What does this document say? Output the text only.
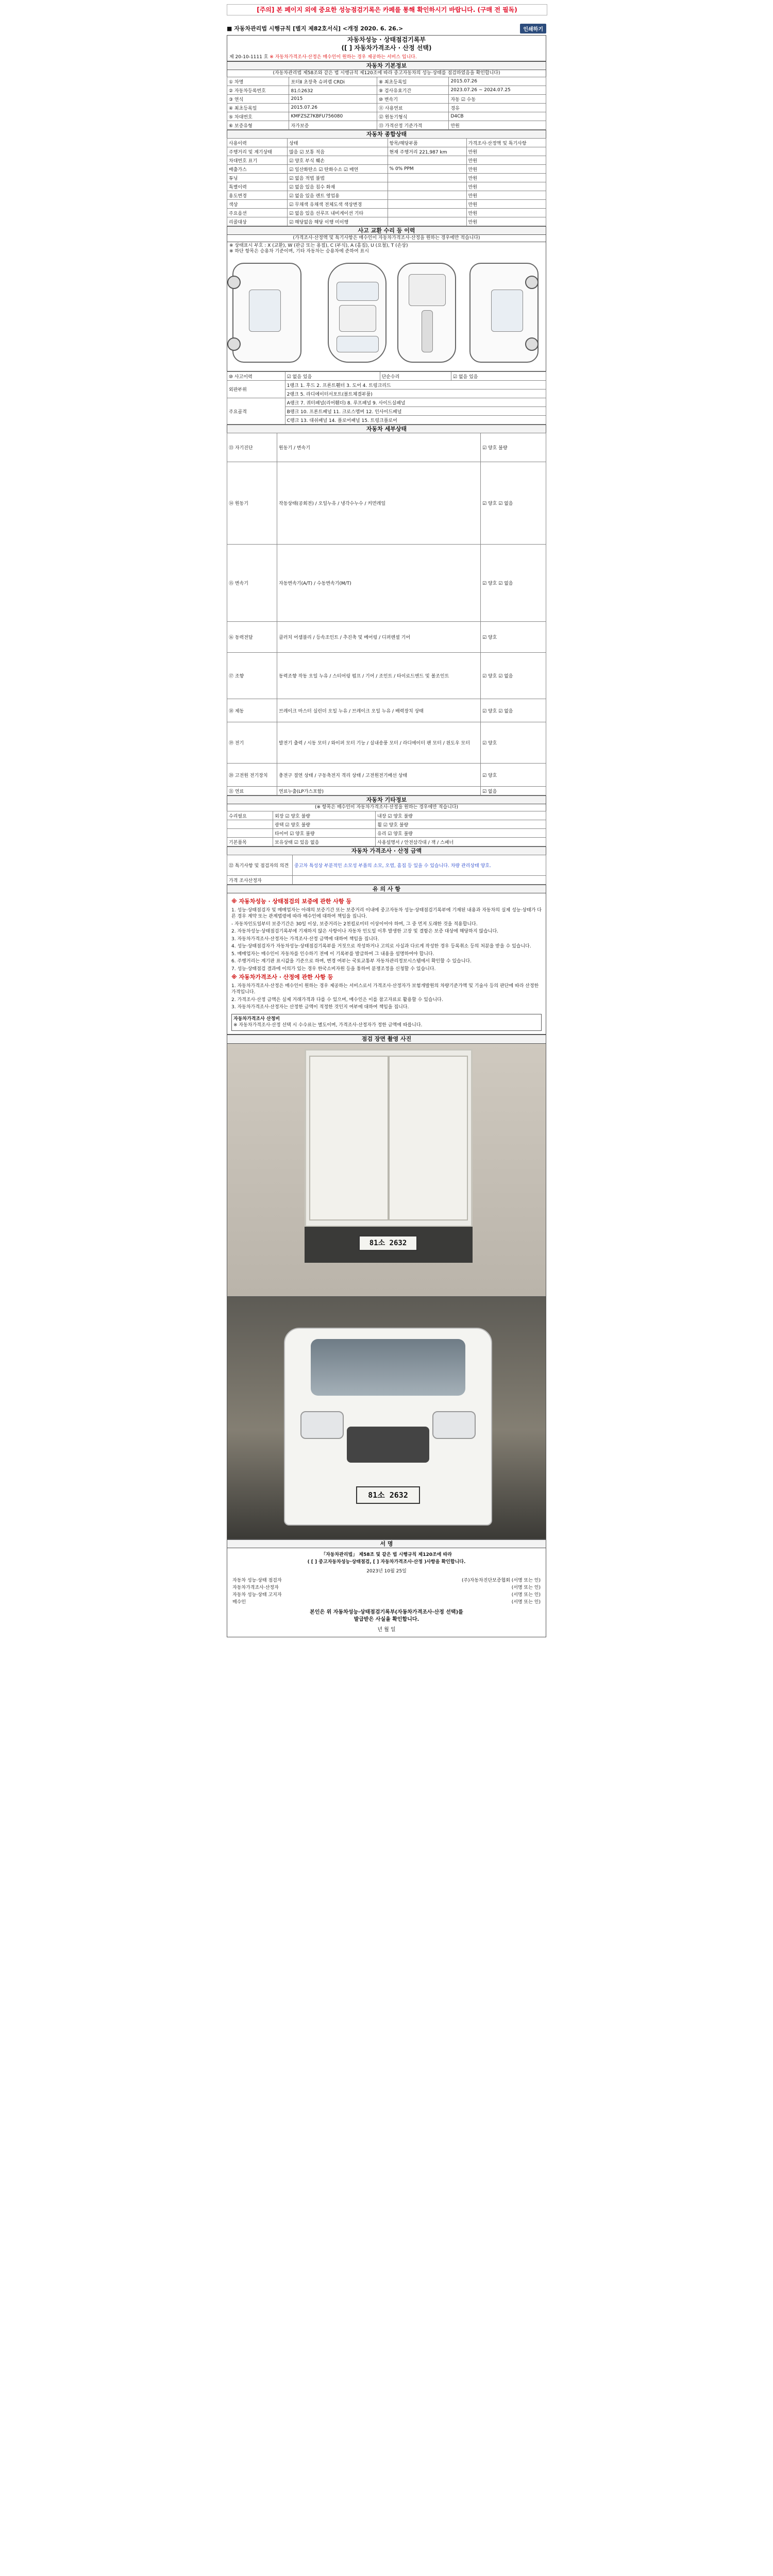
[주의] 본 페이지 외에 중요한 성능점검기록은 카페를 통해 확인하시기 바랍니다. (구매 전 필독)
■ 자동차관리법 시행규칙 [별지 제82호서식] <개정 2020. 6. 26.>	인쇄하기
자동차성능 · 상태점검기록부
([ ] 자동차가격조사 · 산정 선택)
제 20-10-1111 호 ※ 자동차가격조사·산정은 매수인이 원하는 경우 제공하는 서비스 입니다.
자동차 기본정보
(자동차관리법 제58조와 같은 법 시행규칙 제120조에 따라 중고자동차의 성능·상태를 점검하였음을 확인합니다)
① 차명	포터Ⅱ 초장축 슈퍼캡 CRDi	⑧ 최초등록일	2015.07.26
② 자동차등록번호	81소2632	⑨ 검사유효기간	2023.07.26 ~ 2024.07.25
③ 연식	2015	⑩ 변속기	자동 ☑ 수동
④ 최초등록일	2015.07.26	⑪ 사용연료	경유
⑤ 차대번호	KMFZSZ7KBFU756080	⑫ 원동기형식	D4CB
⑥ 보증유형	자가보증	⑬ 가격산정 기준가격	만원
자동차 종합상태
사용이력	상태	항목/해당부품	가격조사·산정액 및 특기사항
주행거리 및 계기상태	많음 ☑ 보통 적음	현재 주행거리 221,987 km	만원
차대번호 표기	☑ 양호 부식 훼손		만원
배출가스	☑ 일산화탄소 ☑ 탄화수소 ☑ 매연	% 0% PPM	만원
튜닝	☑ 없음 적법 불법		만원
특별이력	☑ 없음 있음 침수 화재		만원
용도변경	☑ 없음 있음 렌트 영업용		만원
색상	☑ 무채색 유채색 전체도색 색상변경		만원
주요옵션	☑ 없음 있음 선루프 내비게이션 기타		만원
리콜대상	☑ 해당없음 해당 이행 미이행		만원
사고 교환 수리 등 이력
(가격조사·산정액 및 특기사항은 매수인이 자동차가격조사·산정을 원하는 경우에만 적습니다)
※ 상태표시 부호 : X (교환), W (판금 또는 용접), C (부식), A (흠집), U (요철), T (손상)
※ 하단 항목은 승용차 기준이며, 기타 자동차는 승용차에 준하여 표시
⑩ 사고이력	☑ 없음 있음	단순수리	☑ 없음 있음
외판부위	1랭크 1. 후드 2. 프론트휀더 3. 도어 4. 트렁크리드		
	2랭크 5. 라디에이터서포트(볼트체결부품)		
주요골격	A랭크 7. 쿼터패널(리어휀더) 8. 루프패널 9. 사이드실패널		
	B랭크 10. 프론트패널 11. 크로스멤버 12. 인사이드패널		
	C랭크 13. 대쉬패널 14. 플로어패널 15. 트렁크플로어		
자동차 세부상태
⑬ 자기진단	원동기 / 변속기	☑ 양호 불량
⑭ 원동기	작동상태(공회전) / 오일누유 / 냉각수누수 / 커먼레일	☑ 양호 ☑ 없음
⑮ 변속기	자동변속기(A/T) / 수동변속기(M/T)	☑ 양호 ☑ 없음
⑯ 동력전달	클러치 어셈블리 / 등속조인트 / 추진축 및 베어링 / 디퍼렌셜 기어	☑ 양호
⑰ 조향	동력조향 작동 오일 누유 / 스티어링 펌프 / 기어 / 조인트 / 타이로드엔드 및 볼조인트	☑ 양호 ☑ 없음
⑱ 제동	브레이크 마스터 실린더 오일 누유 / 브레이크 오일 누유 / 배력장치 상태	☑ 양호 ☑ 없음
⑲ 전기	발전기 출력 / 시동 모터 / 와이퍼 모터 기능 / 실내송풍 모터 / 라디에이터 팬 모터 / 윈도우 모터	☑ 양호
⑳ 고전원 전기장치	충전구 절연 상태 / 구동축전지 격리 상태 / 고전원전기배선 상태	☑ 양호
㉑ 연료	연료누출(LP가스포함)	☑ 없음
자동차 기타정보
(※ 항목은 매수인이 자동차가격조사·산정을 원하는 경우에만 적습니다)
수리필요	외장 ☑ 양호 불량	내장 ☑ 양호 불량
	광택 ☑ 양호 불량	휠 ☑ 양호 불량
	타이어 ☑ 양호 불량	유리 ☑ 양호 불량
기본품목	보유상태 ☑ 있음 없음	사용설명서 / 안전삼각대 / 잭 / 스패너
자동차 가격조사 · 산정 금액
㉒ 특기사항 및 점검자의 의견	중고차 특성상 부분적인 소모성 부품의 소모, 오염, 흠집 등 있을 수 있습니다. 차량 관리상태 양호.
가격 조사산정자	
유 의 사 항
※ 자동차성능 · 상태점검의 보증에 관한 사항 등

1. 성능·상태점검자 및 매매업자는 아래의 보증기간 또는 보증거리 이내에 중고자동차 성능·상태점검기록부에 기재된 내용과 자동차의 실제 성능·상태가 다른 경우 계약 또는 관계법령에 따라 매수인에 대하여 책임을 집니다.

- 자동차인도일부터 보증기간은 30일 이상, 보증거리는 2천킬로미터 이상이어야 하며, 그 중 먼저 도래한 것을 적용합니다.

2. 자동차성능·상태점검기록부에 기재하지 않은 사항이나 자동차 인도일 이후 발생한 고장 및 결함은 보증 대상에 해당하지 않습니다.

3. 자동차가격조사·산정자는 가격조사·산정 금액에 대하여 책임을 집니다.

4. 성능·상태점검자가 자동차성능·상태점검기록부를 거짓으로 작성하거나 고의로 사실과 다르게 작성한 경우 등록취소 등의 처분을 받을 수 있습니다.

5. 매매업자는 매수인이 자동차를 인수하기 전에 이 기록부를 발급하여 그 내용을 설명하여야 합니다.

6. 주행거리는 계기판 표시값을 기준으로 하며, 변경 여부는 국토교통부 자동차관리정보시스템에서 확인할 수 있습니다.

7. 성능·상태점검 결과에 이의가 있는 경우 한국소비자원 등을 통하여 분쟁조정을 신청할 수 있습니다.

※ 자동차가격조사 · 산정에 관한 사항 등

1. 자동차가격조사·산정은 매수인이 원하는 경우 제공하는 서비스로서 가격조사·산정자가 보험개발원의 차량기준가액 및 기술사 등의 판단에 따라 산정한 가격입니다.

2. 가격조사·산정 금액은 실제 거래가격과 다를 수 있으며, 매수인은 이를 참고자료로 활용할 수 있습니다.

3. 자동차가격조사·산정자는 산정한 금액이 적정한 것인지 여부에 대하여 책임을 집니다.

자동차가격조사 산정비
※ 자동차가격조사·산정 선택 시 수수료는 별도이며, 가격조사·산정자가 정한 금액에 따릅니다.
점검 장면 촬영 사진
81소 2632
81소 2632
서 명
「자동차관리법」 제58조 및 같은 법 시행규칙 제120조에 따라
( [ ] 중고자동차성능·상태점검, [ ] 자동차가격조사·산정 )사항을 확인합니다.
2023년 10월 25일
자동차 성능·상태 점검자	(주)자동차진단보증협회 (서명 또는 인)
자동차가격조사·산정자	(서명 또는 인)
자동차 성능·상태 고지자	(서명 또는 인)
매수인	(서명 또는 인)
본인은 위 자동차성능·상태점검기록부(자동차가격조사·산정 선택)를
발급받은 사실을 확인합니다.
년 월 일
